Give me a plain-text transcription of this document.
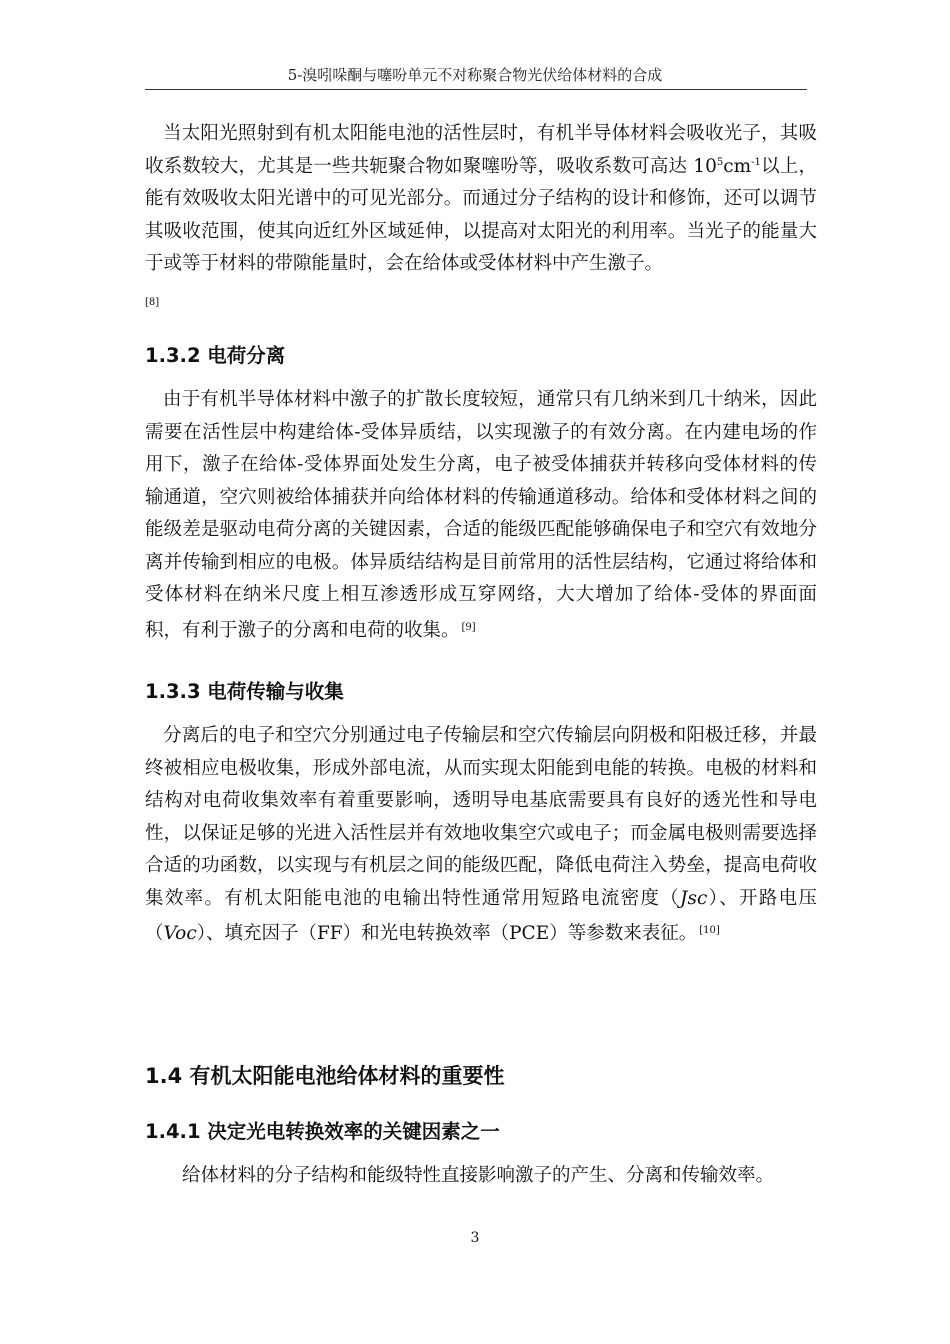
5-溴吲哚酮与噻吩单元不对称聚合物光伏给体材料的合成

当太阳光照射到有机太阳能电池的活性层时，有机半导体材料会吸收光子，其吸收系数较大，尤其是一些共轭聚合物如聚噻吩等，吸收系数可高达 $10^5cm^{-1}$以上，能有效吸收太阳光谱中的可见光部分。而通过分子结构的设计和修饰，还可以调节其吸收范围，使其向近红外区域延伸，以提高对太阳光的利用率。当光子的能量大于或等于材料的带隙能量时，会在给体或受体材料中产生激子。

[8]
1.3.2 电荷分离

由于有机半导体材料中激子的扩散长度较短，通常只有几纳米到几十纳米，因此需要在活性层中构建给体-受体异质结，以实现激子的有效分离。在内建电场的作用下，激子在给体-受体界面处发生分离，电子被受体捕获并转移向受体材料的传输通道，空穴则被给体捕获并向给体材料的传输通道移动。给体和受体材料之间的能级差是驱动电荷分离的关键因素，合适的能级匹配能够确保电子和空穴有效地分离并传输到相应的电极。体异质结结构是目前常用的活性层结构，它通过将给体和受体材料在纳米尺度上相互渗透形成互穿网络，大大增加了给体-受体的界面面积，有利于激子的分离和电荷的收集。 [9]

1.3.3 电荷传输与收集

分离后的电子和空穴分别通过电子传输层和空穴传输层向阴极和阳极迁移，并最终被相应电极收集，形成外部电流，从而实现太阳能到电能的转换。电极的材料和结构对电荷收集效率有着重要影响，透明导电基底需要具有良好的透光性和导电性，以保证足够的光进入活性层并有效地收集空穴或电子；而金属电极则需要选择合适的功函数，以实现与有机层之间的能级匹配，降低电荷注入势垒，提高电荷收集效率。有机太阳能电池的电输出特性通常用短路电流密度（Jsc）、开路电压（Voc）、填充因子（FF）和光电转换效率（PCE）等参数来表征。 [10]

1.4 有机太阳能电池给体材料的重要性
1.4.1 决定光电转换效率的关键因素之一

给体材料的分子结构和能级特性直接影响激子的产生、分离和传输效率。

3
